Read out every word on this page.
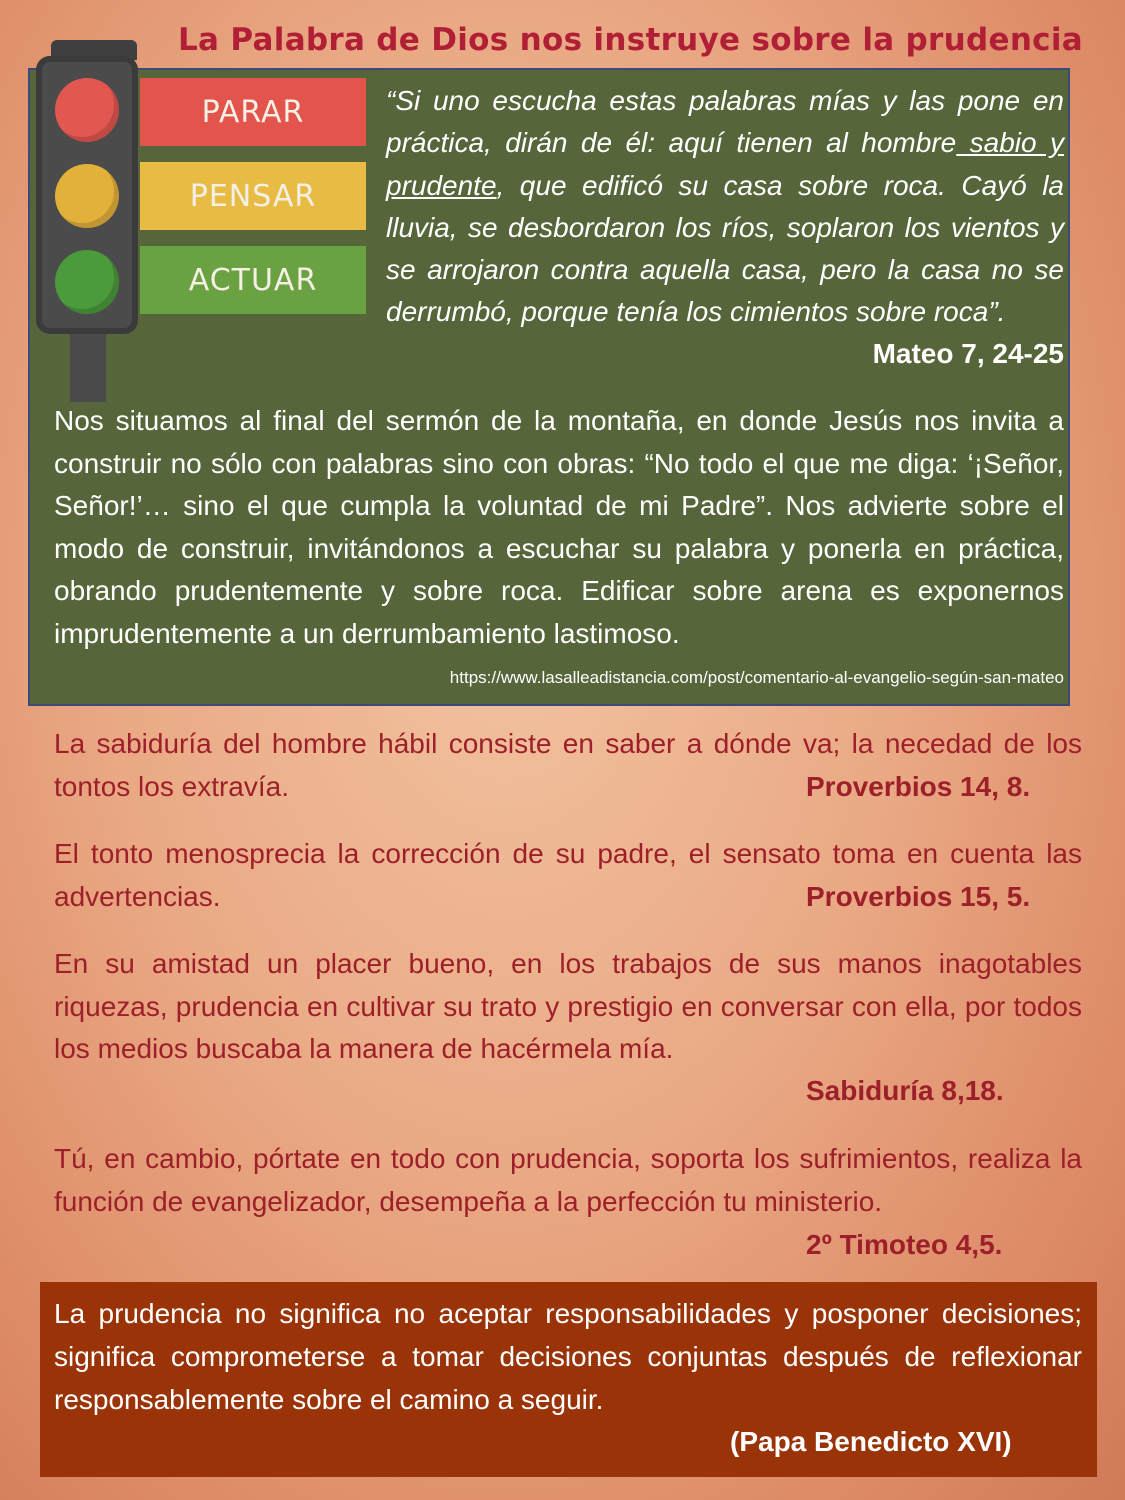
La Palabra de Dios nos instruye sobre la prudencia
PARAR
PENSAR
ACTUAR
“Si uno escucha estas palabras mías y las pone en práctica, dirán de él: aquí tienen al hombre sabio y prudente, que edificó su casa sobre roca. Cayó la lluvia, se desbordaron los ríos, soplaron los vientos y se arrojaron contra aquella casa, pero la casa no se derrumbó, porque tenía los cimientos sobre roca”.
Mateo 7, 24-25
Nos situamos al final del sermón de la montaña, en donde Jesús nos invita a construir no sólo con palabras sino con obras: “No todo el que me diga: ‘¡Señor, Señor!’… sino el que cumpla la voluntad de mi Padre”. Nos advierte sobre el modo de construir, invitándonos a escuchar su palabra y ponerla en práctica, obrando prudentemente y sobre roca. Edificar sobre arena es exponernos imprudentemente a un derrumbamiento lastimoso.
https://www.lasalleadistancia.com/post/comentario-al-evangelio-según-san-mateo
La sabiduría del hombre hábil consiste en saber a dónde va; la necedad de los tontos los extravía.	Proverbios 14, 8.
El tonto menosprecia la corrección de su padre, el sensato toma en cuenta las advertencias.	Proverbios 15, 5.
En su amistad un placer bueno, en los trabajos de sus manos inagotables riquezas, prudencia en cultivar su trato y prestigio en conversar con ella, por todos los medios buscaba la manera de hacérmela mía.
Sabiduría 8,18.
Tú, en cambio, pórtate en todo con prudencia, soporta los sufrimientos, realiza la función de evangelizador, desempeña a la perfección tu ministerio.
2º Timoteo 4,5.
La prudencia no significa no aceptar responsabilidades y posponer decisiones; significa comprometerse a tomar decisiones conjuntas después de reflexionar responsablemente sobre el camino a seguir.
(Papa Benedicto XVI)
